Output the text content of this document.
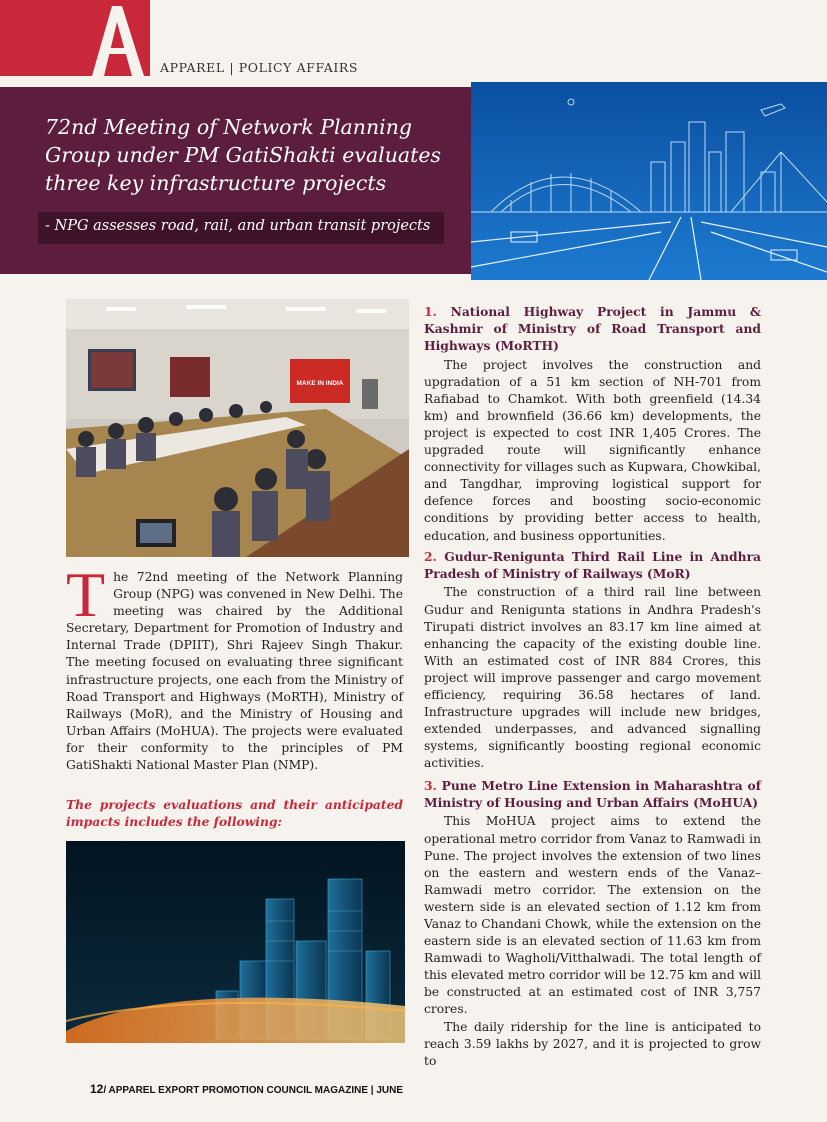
APPAREL | POLICY AFFAIRS
72nd Meeting of Network Planning Group under PM GatiShakti evaluates three key infrastructure projects
- NPG assesses road, rail, and urban transit projects
MAKE IN INDIA
The 72nd meeting of the Network Planning Group (NPG) was convened in New Delhi. The meeting was chaired by the Additional Secretary, Department for Promotion of Industry and Internal Trade (DPIIT), Shri Rajeev Singh Thakur. The meeting focused on evaluating three significant infrastructure projects, one each from the Ministry of Road Transport and Highways (MoRTH), Ministry of Railways (MoR), and the Ministry of Housing and Urban Affairs (MoHUA). The projects were evaluated for their conformity to the principles of PM GatiShakti National Master Plan (NMP).
The projects evaluations and their anticipated impacts includes the following:
1. National Highway Project in Jammu & Kashmir of Ministry of Road Transport and Highways (MoRTH)

The project involves the construction and upgradation of a 51 km section of NH-701 from Rafiabad to Chamkot. With both greenfield (14.34 km) and brownfield (36.66 km) developments, the project is expected to cost INR 1,405 Crores. The upgraded route will significantly enhance connectivity for villages such as Kupwara, Chowkibal, and Tangdhar, improving logistical support for defence forces and boosting socio-economic conditions by providing better access to health, education, and business opportunities.

2. Gudur-Renigunta Third Rail Line in Andhra Pradesh of Ministry of Railways (MoR)

The construction of a third rail line between Gudur and Renigunta stations in Andhra Pradesh's Tirupati district involves an 83.17 km line aimed at enhancing the capacity of the existing double line. With an estimated cost of INR 884 Crores, this project will improve passenger and cargo movement efficiency, requiring 36.58 hectares of land. Infrastructure upgrades will include new bridges, extended underpasses, and advanced signalling systems, significantly boosting regional economic activities.

3. Pune Metro Line Extension in Maharashtra of Ministry of Housing and Urban Affairs (MoHUA)

This MoHUA project aims to extend the operational metro corridor from Vanaz to Ramwadi in Pune. The project involves the extension of two lines on the eastern and western ends of the Vanaz–Ramwadi metro corridor. The extension on the western side is an elevated section of 1.12 km from Vanaz to Chandani Chowk, while the extension on the eastern side is an elevated section of 11.63 km from Ramwadi to Wagholi/Vitthalwadi. The total length of this elevated metro corridor will be 12.75 km and will be constructed at an estimated cost of INR 3,757 crores.

The daily ridership for the line is anticipated to reach 3.59 lakhs by 2027, and it is projected to grow to

12/ APPAREL EXPORT PROMOTION COUNCIL MAGAZINE | JUNE
